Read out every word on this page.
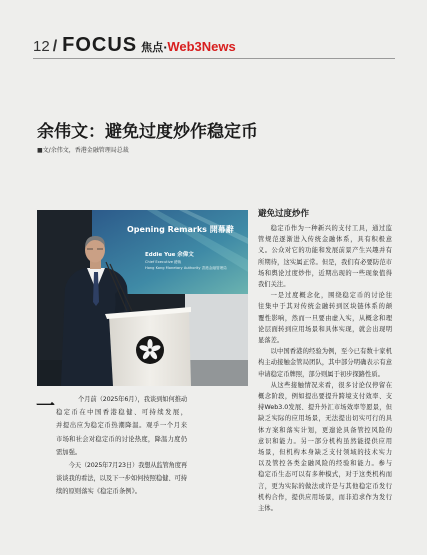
12 / FOCUS 焦点 · Web3News
余伟文：避免过度炒作稳定币
■文/余伟文，香港金融管理局总裁
Opening Remarks 開幕辭
Eddie Yue 余偉文
Chief Executive 總裁
Hong Kong Monetary Authority 香港金融管理局
避免过度炒作
稳定币作为一种新兴的支付工具，通过监
管规范逐渐进入传统金融体系，具有积极意
义。公众对它的功能和发展前景产生兴趣并有
所期待，这实属正常。但是，我们有必要防范市
场和舆论过度炒作，近期出现的一些现象值得
我们关注。
一是过度概念化，围绕稳定币的讨论往
往集中于其对传统金融转到区块链体系的颠
覆性影响，然而一旦要由虚入实，从概念和理
论层面转到应用场景和具体实现，就会出现明
显落差。
以中国香港的经验为例，至今已有数十家机
构主动接触金管局团队，其中部分明确表示有意
申请稳定币牌照，部分则属于初步探路性质。
从这些接触情况来看，很多讨论仅停留在
概念阶段，例如提出要提升跨境支付效率、支
持Web3.0发展、提升外汇市场效率等愿景，但
缺乏实际的应用场景，无法提出切实可行的具
体方案和落实计划，更遑论具备管控风险的
意识和能力。另一部分机构虽然能提供应用
场景，但机构本身缺乏支付领域的技术实力
以及管控各类金融风险的经验和能力。参与
稳定币生态可以有多种模式，对于这类机构而
言，更为实际的做法或许是与其他稳定币发行
机构合作，提供应用场景，而非追求作为发行
主体。
一	个月前（2025年6月），我谈到如何推动
稳定币在中国香港稳健、可持续发展，
并提出应为稳定币热潮降温。观乎一个月来
市场和社会对稳定币的讨论热度，降温力度仍
需加强。
今天（2025年7月23日）我想从监管角度再
谈谈我的看法，以及下一步如何按照稳健、可持
续的原则落实《稳定币条例》。
